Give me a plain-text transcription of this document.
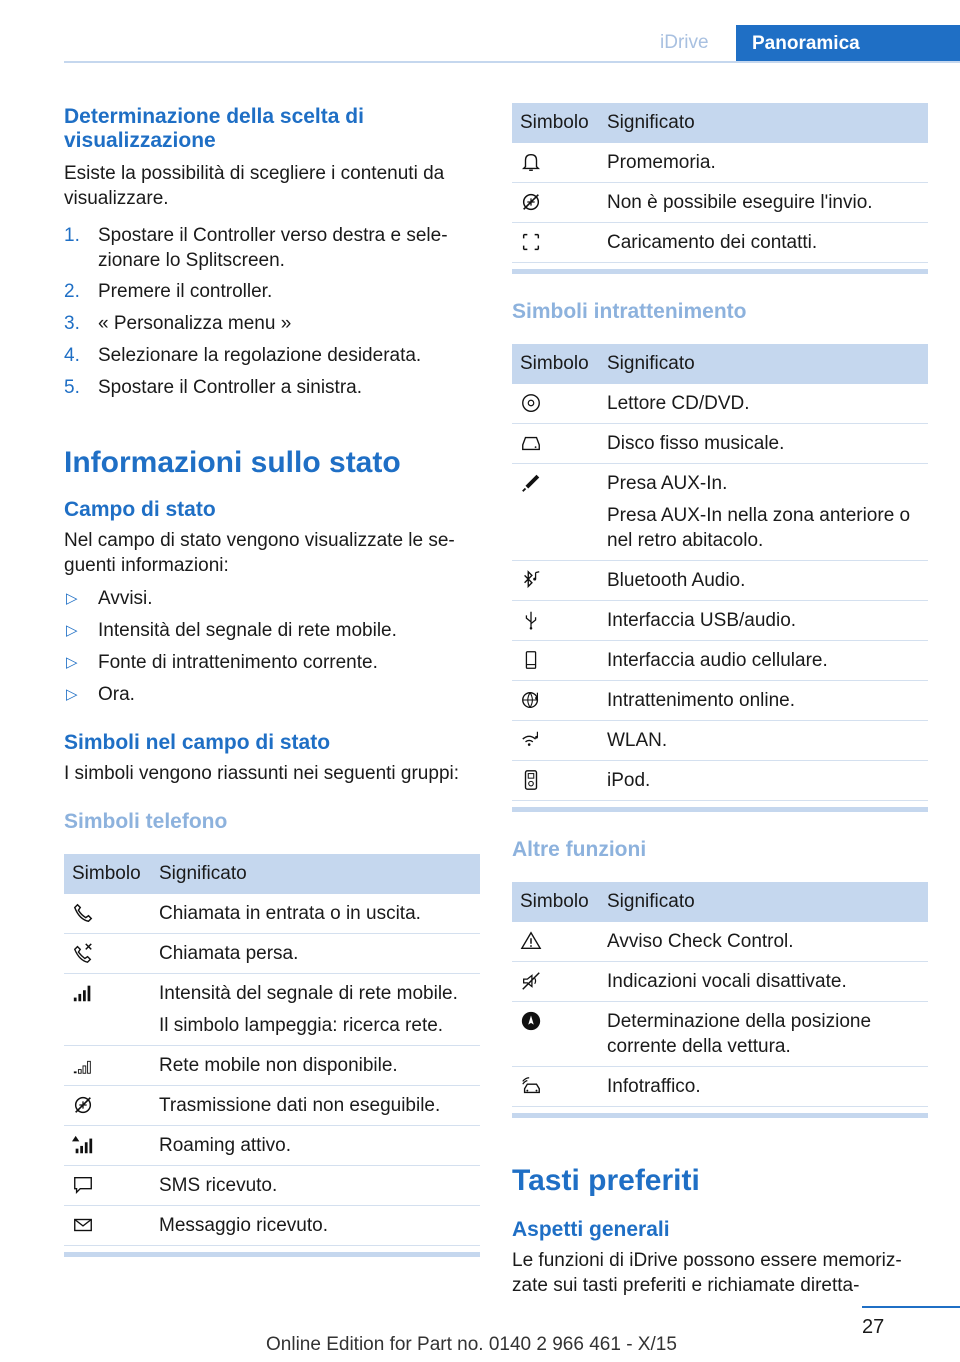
iDrive	Panoramica
Determinazione della scelta di visualizzazione

Esiste la possibilità di scegliere i contenuti da visualizzare.

1. Spostare il Controller verso destra e sele‐zionare lo Splitscreen.
2. Premere il controller.
3. « Personalizza menu »
4. Selezionare la regolazione desiderata.
5. Spostare il Controller a sinistra.
Informazioni sullo stato
Campo di stato

Nel campo di stato vengono visualizzate le se‐guenti informazioni:

▷ Avvisi.
▷ Intensità del segnale di rete mobile.
▷ Fonte di intrattenimento corrente.
▷ Ora.
Simboli nel campo di stato

I simboli vengono riassunti nei seguenti gruppi:

Simboli telefono
Simbolo Significato
Chiamata in entrata o in uscita.
Chiamata persa.
Intensità del segnale di rete mobile.
Il simbolo lampeggia: ricerca rete.
Rete mobile non disponibile.
Trasmissione dati non eseguibile.
Roaming attivo.
SMS ricevuto.
Messaggio ricevuto.
Simbolo Significato
Promemoria.
Non è possibile eseguire l'invio.
Caricamento dei contatti.
Simboli intrattenimento
Simbolo Significato
Lettore CD/DVD.
Disco fisso musicale.
Presa AUX-In.
Presa AUX-In nella zona anteriore o nel retro abitacolo.
Bluetooth Audio.
Interfaccia USB/audio.
Interfaccia audio cellulare.
Intrattenimento online.
WLAN.
iPod.
Altre funzioni
Simbolo Significato
Avviso Check Control.
Indicazioni vocali disattivate.
Determinazione della posizione corrente della vettura.
Infotraffico.
Tasti preferiti
Aspetti generali

Le funzioni di iDrive possono essere memoriz‐zate sui tasti preferiti e richiamate diretta‐

27
Online Edition for Part no. 0140 2 966 461 - X/15
